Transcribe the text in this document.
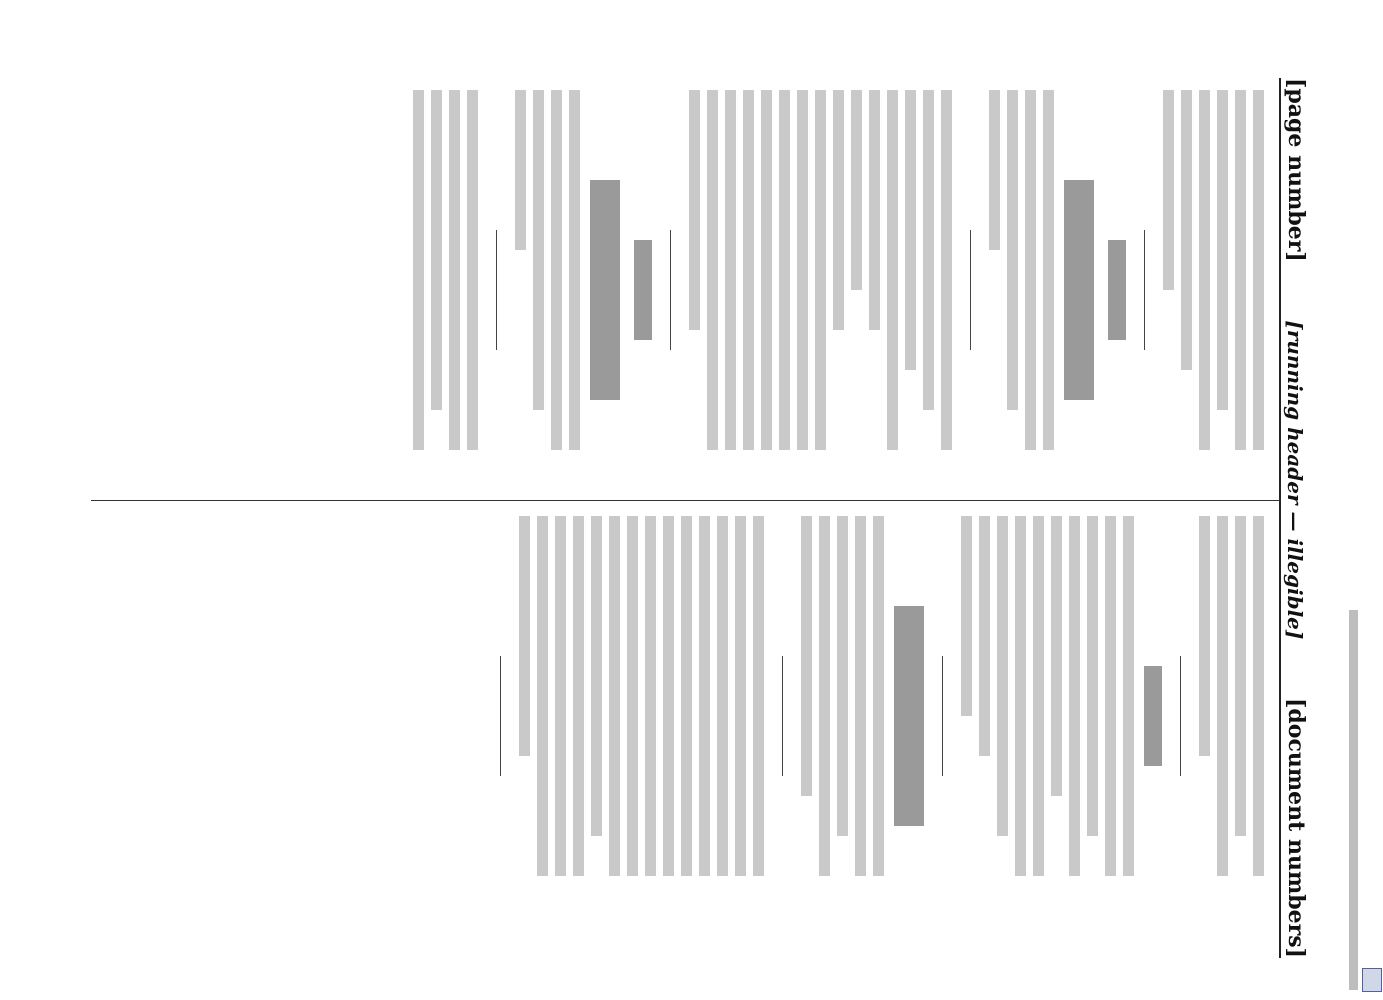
[page number]
[running header — illegible]
[document numbers]
